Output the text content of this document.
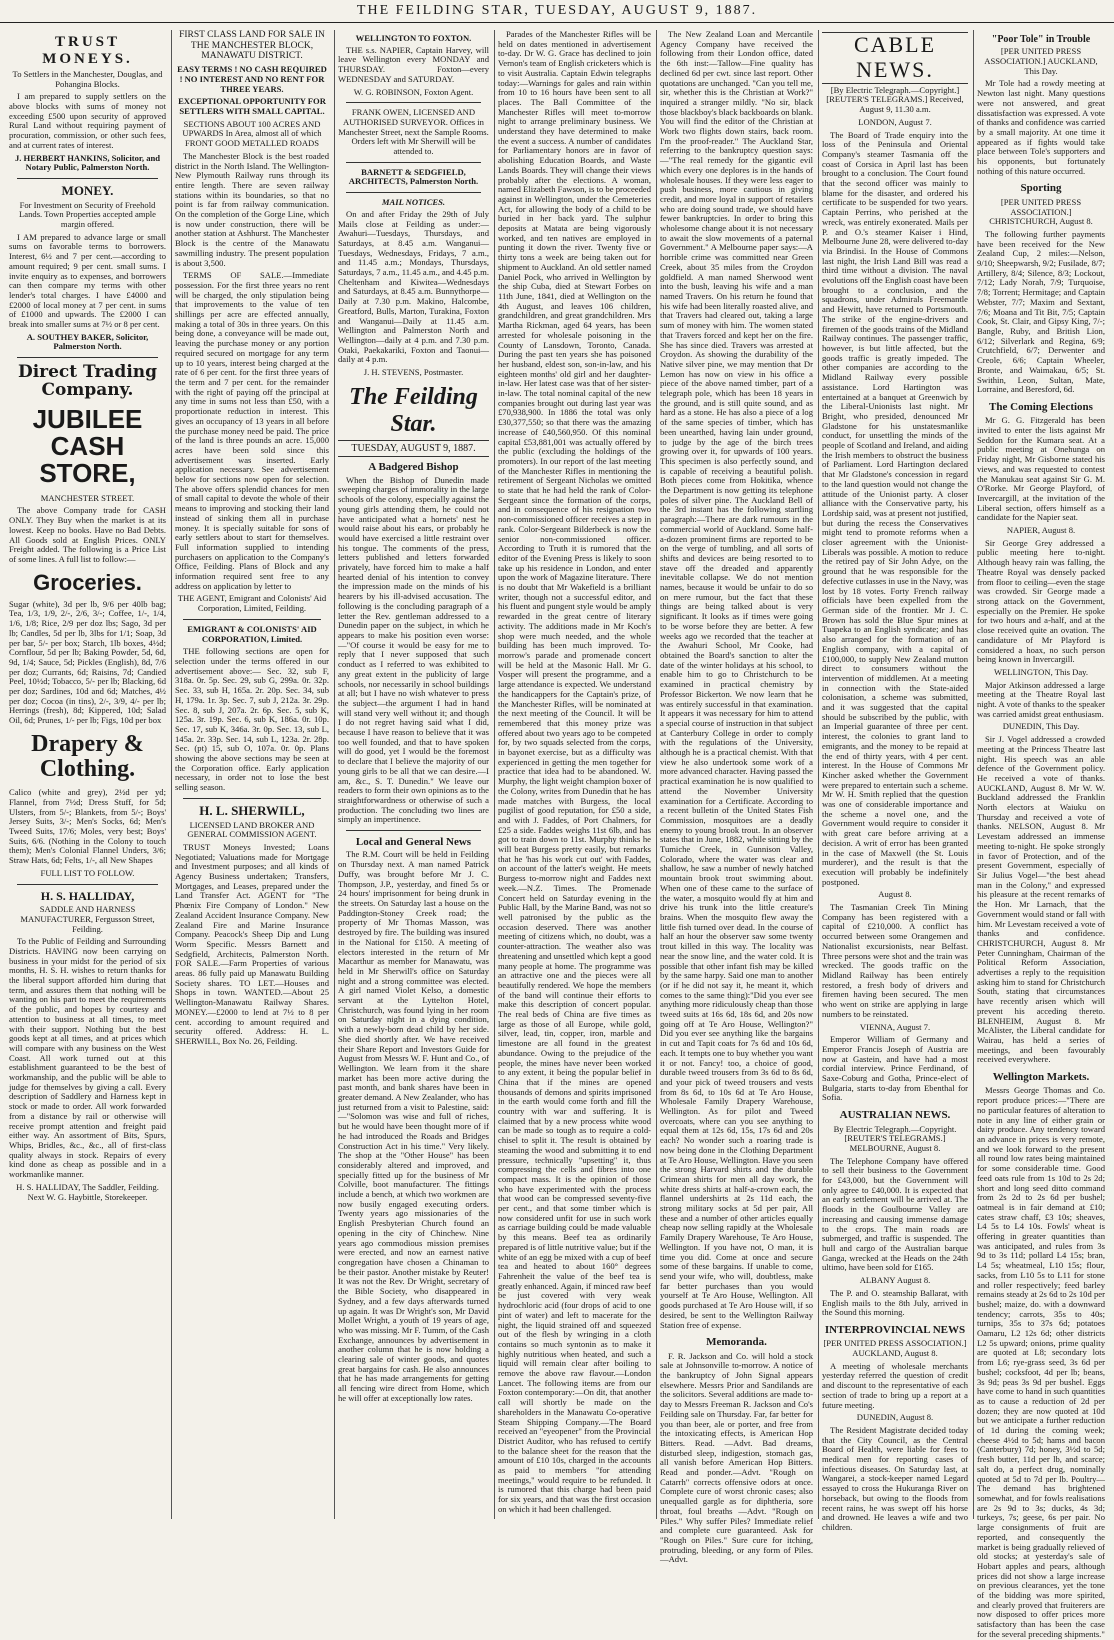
THE FEILDING STAR, TUESDAY, AUGUST 9, 1887.
TRUST MONEYS.

To Settlers in the Manchester, Douglas, and Pohangina Blocks.

I am prepared to supply settlers on the above blocks with sums of money not exceeding £500 upon security of approved Rural Land without requiring payment of procuration, commission, or other such fees, and at current rates of interest.

J. HERBERT HANKINS, Solicitor, and Notary Public, Palmerston North.

MONEY.

For Investment on Security of Freehold Lands. Town Properties accepted ample margin offered.

I AM prepared to advance large or small sums on favorable terms to borrowers. Interest, 6½ and 7 per cent.—according to amount required; 9 per cent. small sums. I invite enquiry as to expenses, and borrowers can then compare my terms with other lender's total charges. I have £4000 and £2000 of local money at 7 per cent. in sums of £1000 and upwards. The £2000 I can break into smaller sums at 7½ or 8 per cent.

A. SOUTHEY BAKER, Solicitor, Palmerston North.

Direct Trading Company.
JUBILEE CASH STORE,

MANCHESTER STREET.

The above Company trade for CASH ONLY. They Buy when the market is at its lowest. Keep no books. Have no Bad Debts. All Goods sold at English Prices. ONLY Freight added. The following is a Price List of some lines. A full list to follow:—

Groceries.

Sugar (white), 3d per lb, 9/6 per 40lb bag; Tea, 1/3, 1/9, 2/-, 2/6, 3/-; Coffee, 1/-, 1/4, 1/6, 1/8; Rice, 2/9 per doz lbs; Sago, 3d per lb; Candles, 5d per lb, 3lbs for 1/1; Soap, 3d per bar, 5/- per box; Starch, 1lb boxes, 4½d; Cornflour, 5d per lb; Baking Powder, 5d, 6d, 9d, 1/4; Sauce, 5d; Pickles (English), 8d, 7/6 per doz; Currants, 6d; Raisins, 7d; Candied Peel, 10½d; Tobacco, 5/- per lb; Blacking, 6d per doz; Sardines, 10d and 6d; Matches, 4½ per doz; Cocoa (in tins), 2/-, 3/9, 4/- per lb; Herrings (fresh), 8d; Kippered, 10d; Salad Oil, 6d; Prunes, 1/- per lb; Figs, 10d per box

Drapery & Clothing.

Calico (white and grey), 2½d per yd; Flannel, from 7½d; Dress Stuff, for 5d; Ulsters, from 5/-; Blankets, from 5/-; Boys' Jersey Suits, 3/-; Men's Socks, 6d; Men's Tweed Suits, 17/6; Moles, very best; Boys' Suits, 6/6. (Nothing in the Colony to touch them); Men's Colonial Flannel Unders, 3/6; Straw Hats, 6d; Felts, 1/-, all New Shapes

FULL LIST TO FOLLOW.

H. S. HALLIDAY,

SADDLE AND HARNESS MANUFACTURER, Fergusson Street, Feilding.

To the Public of Feilding and Surrounding Districts. HAVING now been carrying on business in your midst for the period of six months, H. S. H. wishes to return thanks for the liberal support afforded him during that term, and assures them that nothing will be wanting on his part to meet the requirements of the public, and hopes by courtesy and attention to business at all times, to meet with their support. Nothing but the best goods kept at all times, and at prices which will compare with any business on the West Coast. All work turned out at this establishment guaranteed to be the best of workmanship, and the public will be able to judge for themselves by giving a call. Every description of Saddlery and Harness kept in stock or made to order. All work forwarded from a distance by rail or otherwise will receive prompt attention and freight paid either way. An assortment of Bits, Spurs, Whips, Bridles, &c., &c., all of first-class quality always in stock. Repairs of every kind done as cheap as possible and in a workmanlike manner.

H. S. HALLIDAY, The Saddler, Feilding. Next W. G. Haybittle, Storekeeper.

FIRST CLASS LAND FOR SALE IN THE MANCHESTER BLOCK, MANAWATU DISTRICT.

EASY TERMS ! NO CASH REQUIRED ! NO INTEREST AND NO RENT FOR THREE YEARS.

EXCEPTIONAL OPPORTUNITY FOR SETTLERS WITH SMALL CAPITAL.

SECTIONS ABOUT 100 ACRES AND UPWARDS In Area, almost all of which FRONT GOOD METALLED ROADS

The Manchester Block is the best roaded district in the North Island. The Wellington-New Plymouth Railway runs through its entire length. There are seven railway stations within its boundaries, so that no point is far from railway communication. On the completion of the Gorge Line, which is now under construction, there will be another station at Ashhurst. The Manchester Block is the centre of the Manawatu sawmilling industry. The present population is about 3,500.

TERMS OF SALE.—Immediate possession. For the first three years no rent will be charged, the only stipulation being that improvements to the value of ten shillings per acre are effected annually, making a total of 30s in three years. On this being done, a conveyance will be made out, leaving the purchase money or any portion required secured on mortgage for any term up to 10 years, interest being charged at the rate of 6 per cent. for the first three years of the term and 7 per cent. for the remainder with the right of paying off the principal at any time in sums not less than £50, with a proportionate reduction in interest. This gives an occupancy of 13 years in all before the purchase money need be paid. The price of the land is three pounds an acre. 15,000 acres have been sold since this advertisement was inserted. Early application necessary. See advertisement below for sections now open for selection. The above offers splendid chances for men of small capital to devote the whole of their means to improving and stocking their land instead of sinking them all in purchase money. It is specially suitable for sons of early settlers about to start for themselves. Full information supplied to intending purchasers on application to the Company's Office, Feilding. Plans of Block and any information required sent free to any address on application by letter to

THE AGENT, Emigrant and Colonists' Aid Corporation, Limited, Feilding.

EMIGRANT & COLONISTS' AID CORPORATION, Limited.

THE following sections are open for selection under the terms offered in our advertisement above:— Sec. 32, sub F, 318a. 0r. 5p. Sec. 29, sub G, 299a. 0r. 32p. Sec. 33, sub H, 165a. 2r. 20p. Sec. 34, sub H, 179a. 1r. 3p. Sec. 7, sub J, 212a. 3r. 29p. Sec. 8, sub J, 207a. 2r. 6p. Sec. 5, sub K, 125a. 3r. 19p. Sec. 6, sub K, 186a. 0r. 10p. Sec. 17, sub K, 346a. 3r. 0p. Sec. 13, sub L, 145a. 2r. 33p. Sec. 14, sub L, 123a. 2r. 28p. Sec. (pt) 15, sub O, 107a. 0r. 0p. Plans showing the above sections may be seen at the Corporation office. Early application necessary, in order not to lose the best selling season.

H. L. SHERWILL,

LICENSED LAND BROKER AND GENERAL COMMISSION AGENT.

TRUST Moneys Invested; Loans Negotiated; Valuations made for Mortgage and Investment purposes; and all kinds of Agency Business undertaken; Transfers, Mortgages, and Leases, prepared under the Land Transfer Act. AGENT for "The Phœnix Fire Company of London." New Zealand Accident Insurance Company. New Zealand Fire and Marine Insurance Company. Peacock's Sheep Dip and Lung Worm Specific. Messrs Barnett and Sedgfield, Architects, Palmerston North. FOR SALE.—Farm Properties of various areas. 86 fully paid up Manawatu Building Society shares. TO LET.—Houses and Shops in town. WANTED.—About 25 Wellington-Manawatu Railway Shares. MONEY.—£2000 to lend at 7½ to 8 per cent. according to amount required and security offered. Address: H. L. SHERWILL, Box No. 26, Feilding.

WELLINGTON TO FOXTON.

THE s.s. NAPIER, Captain Harvey, will leave Wellington every MONDAY and THURSDAY. Foxton—every WEDNESDAY and SATURDAY.

W. G. ROBINSON, Foxton Agent.

FRANK OWEN, LICENSED AND AUTHORISED SURVEYOR. Offices in Manchester Street, next the Sample Rooms. Orders left with Mr Sherwill will be attended to.

BARNETT & SEDGFIELD, ARCHITECTS, Palmerston North.

MAIL NOTICES.

On and after Friday the 29th of July Mails close at Feilding as under:— Awahuri—Tuesdays, Thursdays, and Saturdays, at 8.45 a.m. Wanganui—Tuesdays, Wednesdays, Fridays, 7 a.m., and 11.45 a.m.; Mondays, Thursdays, Saturdays, 7 a.m., 11.45 a.m., and 4.45 p.m. Cheltenham and Kiwitea—Wednesdays and Saturdays, at 8.45 a.m. Bunnythorpe—Daily at 7.30 p.m. Makino, Halcombe, Greatford, Bulls, Marton, Turakina, Foxton and Wanganui—Daily at 11.45 a.m. Wellington and Palmerston North and Wellington—daily at 4 p.m. and 7.30 p.m. Otaki, Paekakariki, Foxton and Taonui—daily at 4 p.m.

J. H. STEVENS, Postmaster.

The Feilding Star.
TUESDAY, AUGUST 9, 1887.
A Badgered Bishop

When the Bishop of Dunedin made sweeping charges of immorality in the large schools of the colony, especially against the young girls attending them, he could not have anticipated what a hornets' nest he would raise about his ears, or probably he would have exercised a little restraint over his tongue. The comments of the press, letters published and letters forwarded privately, have forced him to make a half hearted denial of his intention to convey the impression made on the minds of his hearers by his ill-advised accusation. The following is the concluding paragraph of a letter the Rev. gentleman addressed to a Dunedin paper on the subject, in which he appears to make his position even worse:—"Of course it would be easy for me to reply that I never supposed that such conduct as I referred to was exhibited to any great extent in the publicity of large schools, nor necessarily in school buildings at all; but I have no wish whatever to press the subject—the argument I had in hand will stand very well without it; and though I do not regret having said what I did, because I have reason to believe that it was too well founded, and that to have spoken will do good, yet I would be the foremost to declare that I believe the majority of our young girls to be all that we can desire.—I am, &c., S. T. Dunedin." We leave our readers to form their own opinions as to the straightforwardness or otherwise of such a production. The concluding two lines are simply an impertinence.

Local and General News

The R.M. Court will be held in Feilding on Thursday next. A man named Patrick Duffy, was brought before Mr J. C. Thompson, J.P., yesterday, and fined 5s or 24 hours' imprisonment for being drunk in the streets. On Saturday last a house on the Paddington-Stoney Creek road; the property of Mr Thomas Masson, was destroyed by fire. The building was insured in the National for £150. A meeting of electors interested in the return of Mr Macarthur as member for Manawatu, was held in Mr Sherwill's office on Saturday night and a strong committee was elected. A girl named Violet Kelso, a domestic servant at the Lyttelton Hotel, Christchurch, was found lying in her room on Saturday night in a dying condition, with a newly-born dead child by her side. She died shortly after. We have received their Share Report and Investors Guide for August from Messrs W. F. Hunt and Co., of Wellington. We learn from it the share market has been more active during the past month, and bank shares have been in greater demand. A New Zealander, who has just returned from a visit to Palestine, said:—"Solomon was wise and full of riches, but he would have been thought more of if he had introduced the Roads and Bridges Construction Act in his time." Very likely. The shop at the "Other House" has been considerably altered and improved, and specially fitted up for the business of Mr Colville, boot manufacturer. The fittings include a bench, at which two workmen are now busily engaged executing orders. Twenty years ago missionaries of the English Presbyterian Church found an opening in the city of Chinchew. Nine years ago commodious mission premises were erected, and now an earnest native congregation have chosen a Chinaman to be their pastor. Another mistake by Reuter! It was not the Rev. Dr Wright, secretary of the Bible Society, who disappeared in Sydney, and a few days afterwards turned up again. It was Dr Wright's son, Mr David Mollet Wright, a youth of 19 years of age, who was missing. Mr F. Tumm, of the Cash Exchange, announces by advertisement in another column that he is now holding a clearing sale of winter goods, and quotes great bargains for cash. He also announces that he has made arrangements for getting all fencing wire direct from Home, which he will offer at exceptionally low rates.

Parades of the Manchester Rifles will be held on dates mentioned in advertisement to-day. Dr W. G. Grace has declined to join Vernon's team of English cricketers which is to visit Australia. Captain Edwin telegraphs today:—Warnings for gales and rain within from 10 to 16 hours have been sent to all places. The Ball Committee of the Manchester Rifles will meet to-morrow night to arrange preliminary business. We understand they have determined to make the event a success. A number of candidates for Parliamentary honors are in favor of abolishing Education Boards, and Waste Lands Boards. They will change their views probably after the elections. A woman, named Elizabeth Fawson, is to be proceeded against in Wellington, under the Cemeteries Act, for allowing the body of a child to be buried in her back yard. The sulphur deposits at Matata are being vigorously worked, and ten natives are employed in punting it down the river. Twenty five or thirty tons a week are being taken out for shipment to Auckland. An old settler named Daniel Pock, who arrived in Wellington by the ship Cuba, died at Stewart Forbes on 11th June, 1841, died at Wellington on the 4th August, and leaves 106 children, grandchildren, and great grandchildren. Mrs Martha Rickman, aged 64 years, has been arrested for wholesale poisoning in the County of Lansdown, Toronto, Canada. During the past ten years she has poisoned her husband, eldest son, son-in-law, and his eighteen months' old girl and her daughter-in-law. Her latest case was that of her sister-in-law. The total nominal capital of the new companies brought out during last year was £70,938,900. In 1886 the total was only £30,377,550; so that there was the amazing increase of £40,560,950. Of this nominal capital £53,881,001 was actually offered by the public (excluding the holdings of the promoters). In our report of the last meeting of the Manchester Rifles in mentioning the retirement of Sergeant Nicholas we omitted to state that he had held the rank of Color-Sergeant since the formation of the corps, and in consequence of his resignation two non-commissioned officer receives a step in rank. Color-Sergeant Bilderbeck is now the senior non-commissioned officer. According to Truth it is rumored that the editor of the Evening Press is likely to soon take up his residence in London, and enter upon the work of Magazine literature. There is no doubt that Mr Wakefield is a brilliant writer, though not a successful editor, and his fluent and pungent style would be amply rewarded in the great centre of literary activity. The additions made in Mr Koch's shop were much needed, and the whole building has been much improved. To-morrow's parade and promenade concert will be held at the Masonic Hall. Mr G. Vosper will present the programme, and a large attendance is expected. We understand the handicappers for the Captain's prize, of the Manchester Rifles, will be nominated at the next meeting of the Council. It will be remembered that this money prize was offered about two years ago to be competed for, by two squads selected from the corps, in bayonet exercise, but as a difficulty was experienced in getting the men together for practice that idea had to be abandoned. W. Murphy, the light weight champion boxer of the Colony, writes from Dunedin that he has made matches with Burgess, the local pugilist of good reputation, for £50 a side, and with J. Faddes, of Port Chalmers, for £25 a side. Faddes weighs 11st 6lb, and has got to train down to 11st. Murphy thinks he will beat Burgess pretty easily, but remarks that he 'has his work cut out' with Faddes, on account of the latter's weight. He meets Burgess to-morrow night and Faddes next week.—N.Z. Times. The Promenade Concert held on Saturday evening in the Public Hall, by the Marine Band, was not so well patronised by the public as the occasion deserved. There was another meeting of citizens which, no doubt, was a counter-attraction. The weather also was threatening and unsettled which kept a good many people at home. The programme was an attractive one and the pieces were all beautifully rendered. We hope the members of the band will continue their efforts to make this description of concert popular. The real beds of China are five times as large as those of all Europe, while gold, silver, lead, tin, copper, iron, marble and limestone are all found in the greatest abundance. Owing to the prejudice of the people, the mines have never been worked to any extent, it being the popular belief in China that if the mines are opened thousands of demons and spirits imprisoned in the earth would come forth and fill the country with war and suffering. It is claimed that by a new process white wood can be made so tough as to require a cold-chisel to split it. The result is obtained by steaming the wood and submitting it to end pressure, technically "upsetting" it, thus compressing the cells and fibres into one compact mass. It is the opinion of those who have experimented with the process that wood can be compressed seventy-five per cent., and that some timber which is now considered unfit for use in such work as carriage building could be made valuable by this means. Beef tea as ordinarily prepared is of little nutritive value; but if the white of an egg be mixed with a cup of beef tea and heated to about 160° degrees Fahrenheit the value of the beef tea is greatly enhanced. Again, if minced raw beef be just covered with very weak hydrochloric acid (four drops of acid to one pint of water) and left to macerate for the night, the liquid strained off and squeezed out of the flesh by wringing in a cloth contains so much syntonin as to make it highly nutritious when heated, and such a liquid will remain clear after boiling to remove the above raw flavour.—London Lancet. The following items are from our Foxton contemporary:—On dit, that another call will shortly be made on the shareholders in the Manawatu Co-operative Steam Shipping Company.—The Board received an "eyeopener" from the Provincial District Auditor, who has refused to certify to the balance sheet for the reason that the amount of £10 10s, charged in the accounts as paid to members "for attending meetings," would require to be refunded. It is rumored that this charge had been paid for six years, and that was the first occasion on which it had been challenged.

The New Zealand Loan and Mercantile Agency Company have received the following from their London office, dated the 6th inst:—Tallow—Fine quality has declined 6d per cwt. since last report. Other quotations are unchanged. "Can you tell me, sir, whether this is the Christian at Work?" inquired a stranger mildly. "No sir, black those blackboy's black backboards on blank. You will find the editor of the Christian at Work two flights down stairs, back room. I'm the proof-reader." The Auckland Star, referring to the bankruptcy question says:—"The real remedy for the gigantic evil which every one deplores is in the hands of wholesale houses. If they were less eager to push business, more cautious in giving credit, and more loyal in support of retailers who are doing sound trade, we should have fewer bankruptcies. In order to bring this wholesome change about it is not necessary to await the slow movements of a paternal Government." A Melbourne paper says:—A horrible crime was committed near Green Creek, about 35 miles from the Croydon goldfield. A man named Sherwood went into the bush, leaving his wife and a man named Travers. On his return he found that his wife had been literally roasted alive, and that Travers had cleared out, taking a large sum of money with him. The women stated that Travers forced and kept her on the fire. She has since died. Travers was arrested at Croydon. As showing the durability of the Native silver pine, we may mention that Dr Lemon has now on view in his office a piece of the above named timber, part of a telegraph pole, which has been 18 years in the ground, and is still quite sound, and as hard as a stone. He has also a piece of a log of the same species of timber, which has been unearthed, having lain under ground, to judge by the age of the birch trees growing over it, for upwards of 100 years. This specimen is also perfectly sound, and is capable of receiving a beautiful polish. Both pieces come from Hokitika, whence the Department is now getting its telephone poles of silver pine. The Auckland Bell of the 3rd instant has the following startling paragraph:—There are dark rumours in the commercial world of Auckland. Some half-a-dozen prominent firms are reported to be on the verge of tumbling, and all sorts of shifts and devices are being resorted to to stave off the dreaded and apparently inevitable collapse. We do not mention names, because it would be unfair to do so on mere rumour, but the fact that these things are being talked about is very significant. It looks as if times were going to be worse before they are better. A few weeks ago we recorded that the teacher at the Awahuri School, Mr Cooke, had obtained the Board's sanction to alter the date of the winter holidays at his school, to enable him to go to Christchurch to be examined in practical chemistry by Professor Bickerton. We now learn that he was entirely successful in that examination. It appears it was necessary for him to attend a special course of instruction in that subject at Canterbury College in order to comply with the regulations of the University, although he is a practical chemist. With that view he also undertook some work of a more advanced character. Having passed the practical examination he is now qualified to attend the November University examination for a Certificate. According to a recent bulletin of the United States Fish Commission, mosquitoes are a deadly enemy to young brook trout. In an observer states that in June, 1882, while sitting by the Tumiche Creek, in Gunnison Valley, Colorado, where the water was clear and shallow, he saw a number of newly hatched mountain brook trout swimming about. When one of these came to the surface of the water, a mosquito would fly at him and drive his trunk into the little creature's brains. When the mosquito flew away the little fish turned over dead. In the course of half an hour the observer saw some twenty trout killed in this way. The locality was near the snow line, and the water cold. It is possible that other infant fish may be killed by the same harpy. Said one man to another (or if he did not say it, he meant it, which comes to the same thing):"Did you ever see anything more ridiculously cheap than those tweed suits at 16s 6d, 18s 6d, and 20s now going off at Te Aro House, Wellington?" Did you ever see anything like the bargains in cut and Tapit coats for 7s 6d and 10s 6d, each. It tempts one to buy whether you want it or not. Fancy! too, a choice of good, durable tweed trousers from 3s 6d to 8s 6d, and your pick of tweed trousers and vests from 8s 6d, to 10s 6d at Te Aro House, Wholesale Family Drapery Warehouse, Wellington. As for pilot and Tweed overcoats, where can you see anything to equal them at 12s 6d, 15s, 17s 6d and 20s each? No wonder such a roaring trade is now being done in the Clothing Department at Te Aro House, Wellington. Have you seen the strong Harvard shirts and the durable Crimean shirts for men all day work, the white dress shirts at half-a-crown each, the flannel undershirts at 2s 11d each, the strong military socks at 5d per pair, All these and a number of other articles equally cheap now selling rapidly at the Wholesale Family Drapery Warehouse, Te Aro House, Wellington. If you have not, O man, it is time you did. Come at once and secure some of these bargains. If unable to come, send your wife, who will, doubtless, make far better purchases than you would yourself at Te Aro House, Wellington. All goods purchased at Te Aro House will, if so desired, be sent to the Wellington Railway Station free of expense.

Memoranda.

F. R. Jackson and Co. will hold a stock sale at Johnsonville to-morrow. A notice of the bankruptcy of John Signal appears elsewhere. Messrs Prior and Sandilands are the solicitors. Several additions are made to-day to Messrs Freeman R. Jackson and Co's Feilding sale on Thursday. Far, far better for you than beer, ale or porter, and free from the intoxicating effects, is American Hop Bitters. Read. —Advt. Bad dreams, disturbed sleep, indigestion, stomach gas, all vanish before American Hop Bitters. Read and ponder.—Advt. "Rough on Catarrh" corrects offensive odors at once. Complete cure of worst chronic cases; also unequalled gargle as for diphtheria, sore throat, foul breaths —Advt. "Rough on Piles." Why suffer Piles? Immediate relief and complete cure guaranteed. Ask for "Rough on Piles." Sure cure for itching, protruding, bleeding, or any form of Piles.—Advt.

CABLE NEWS.

[By Electric Telegraph.—Copyright.] [REUTER'S TELEGRAMS.] Received, August 9, 11.30 a.m.

LONDON, August 7.

The Board of Trade enquiry into the loss of the Peninsula and Oriental Company's steamer Tasmania off the coast of Corsica in April last has been brought to a conclusion. The Court found that the second officer was mainly to blame for the disaster, and ordered his certificate to be suspended for two years. Captain Perrins, who perished at the wreck, was entirely exonerated. Mails per P. and O.'s steamer Kaiser i Hind, Melbourne June 28, were delivered to-day via Brindisi. In the House of Commons last night, the Irish Land Bill was read a third time without a division. The naval evolutions off the English coast have been brought to a conclusion, and the squadrons, under Admirals Freemantle and Hewitt, have returned to Portsmouth. The strike of the engine-drivers and firemen of the goods trains of the Midland Railway continues. The passenger traffic, however, is but little affected, but the goods traffic is greatly impeded. The other companies are according to the Midland Railway every possible assistance. Lord Hartington was entertained at a banquet at Greenwich by the Liberal-Unionists last night. Mr Bright, who presided, denounced Mr Gladstone for his unstatesmanlike conduct, for unsettling the minds of the people of Scotland and Ireland, and aiding the Irish members to obstruct the business of Parliament. Lord Hartington declared that Mr Gladstone's concession in regard to the land question would not change the attitude of the Unionist party. A closer alliance with the Conservative party, his Lordship said, was at present not justified, but during the recess the Conservatives might tend to promote reforms when a closer agreement with the Unionist-Liberals was possible. A motion to reduce the retired pay of Sir John Adye, on the ground that he was responsible for the defective cutlasses in use in the Navy, was lost by 18 votes. Forty French railway officials have been expelled from the German side of the frontier. Mr J. C. Brown has sold the Blue Spur mines at Tuapeka to an English syndicate; and has also arranged for the formation of an English company, with a capital of £100,000, to supply New Zealand mutton direct to consumers without the intervention of middlemen. At a meeting in connection with the State-aided colonisation, a scheme was submitted, and it was suggested that the capital should be subscribed by the public, with an Imperial guarantee of three per cent. interest, the colonies to grant land to emigrants, and the money to be repaid at the end of thirty years, with 4 per cent. interest. In the House of Commons Mr Kincher asked whether the Government were prepared to entertain such a scheme. Mr W. H. Smith replied that the question was one of considerable importance and the scheme a novel one, and the Government would require to consider it with great care before arriving at a decision. A writ of error has been granted in the case of Maxwell (the St. Louis murderer), and the result is that the execution will probably be indefinitely postponed.

August 8.

The Tasmanian Creek Tin Mining Company has been registered with a capital of £210,000. A conflict has occurred between some Orangemen and Nationalist excursionists, near Belfast. Three persons were shot and the train was wrecked. The goods traffic on the Midland Railway has been entirely restored, a fresh body of drivers and firemen having been secured. The men who went on strike are applying in large numbers to be reinstated.

VIENNA, August 7.

Emperor William of Germany and Emperor Francis Joseph of Austria are now at Gastein, and have had a most cordial interview. Prince Ferdinand, of Saxe-Coburg and Gotha, Prince-elect of Bulgaria, starts to-day from Ebenthal for Sofia.

AUSTRALIAN NEWS.

By Electric Telegraph.—Copyright. [REUTER'S TELEGRAMS.] MELBOURNE, August 8.

The Telephone Company have offered to sell their business to the Government for £43,000, but the Government will only agree to £40,000. It is expected that an early settlement will be arrived at. The floods in the Goulbourne Valley are increasing and causing immense damage to the crops. The main roads are submerged, and traffic is suspended. The hull and cargo of the Australian barque Ganga, wrecked at the Heads on the 24th ultimo, have been sold for £165.

ALBANY August 8.

The P. and O. steamship Ballarat, with English mails to the 8th July, arrived in the Sound this morning.

INTERPROVINCIAL NEWS

[PER UNITED PRESS ASSOCIATION.] AUCKLAND, August 8.

A meeting of wholesale merchants yesterday referred the question of credit and discount to the representative of each section of trade to bring up a report at a future meeting.

DUNEDIN, August 8.

The Resident Magistrate decided today that the City Council, as the Central Board of Health, were liable for fees to medical men for reporting cases of infectious diseases. On Saturday last, at Wangarei, a stock-keeper named Legard essayed to cross the Hukuranga River on horseback, but owing to the floods from recent rains, he was swept off his horse and drowned. He leaves a wife and two children.

"Poor Tole" in Trouble

[PER UNITED PRESS ASSOCIATION.] AUCKLAND, This Day.

Mr Tole had a rowdy meeting at Newton last night. Many questions were not answered, and great dissatisfaction was expressed. A vote of thanks and confidence was carried by a small majority. At one time it appeared as if fights would take place between Tole's supporters and his opponents, but fortunately nothing of this nature occurred.

Sporting

[PER UNITED PRESS ASSOCIATION.] CHRISTCHURCH, August 8.

The following further payments have been received for the New Zealand Cup, 2 miles:—Nelson, 9/10; Sheepwarsh, 9/2; Fusilade, 8/7; Artillery, 8/4; Silence, 8/3; Lockout, 7/12; Lady Norah, 7/9; Turquoise, 7/8; Torrent; Hermitage; and Captain Webster, 7/7; Maxim and Sextant, 7/6; Moana and Tit Bit, 7/5; Captain Cook, St. Clair, and Gipsy King, 7/-; Bangle, Ruby, and British Lion, 6/12; Silverlark and Regina, 6/9; Crutchfield, 6/7; Derwenter and Creole, 6/6; Captain Wheeler, Bronte, and Waimakau, 6/5; St. Swithin, Leon, Sultan, Mate, Lorraine, and Beresford, 6d.

The Coming Elections

Mr G. G. Fitzgerald has been invited to enter the lists against Mr Seddon for the Kumara seat. At a public meeting at Onehunga on Friday night, Mr Gisborne stated his views, and was requested to contest the Manukau seat against Sir G. M. O'Rorke. Mr George Playford, of Invercargill, at the invitation of the Liberal section, offers himself as a candidate for the Napier seat.

NAPIER, August 8.

Sir George Grey addressed a public meeting here to-night. Although heavy rain was falling, the Theatre Royal was densely packed from floor to ceiling—even the stage was crowded. Sir George made a strong attack on the Government, especially on the Premier. He spoke for two hours and a-half, and at the close received quite an ovation. The candidature of Mr Playford is considered a hoax, no such person being known in Invercargill.

WELLINGTON, This Day.

Major Atkinson addressed a large meeting at the Theatre Royal last night. A vote of thanks to the speaker was carried amidst great enthusiasm.

DUNEDIN, This Day.

Sir J. Vogel addressed a crowded meeting at the Princess Theatre last night. His speech was an able defence of the Government policy. He received a vote of thanks. AUCKLAND, August 8. Mr W. W. Buckland addressed the Franklin North electors at Waiuku on Thursday and received a vote of thanks. NELSON, August 8. Mr Levestam addressed an immense meeting to-night. He spoke strongly in favor of Protection, and of the present Government, especially of Sir Julius Vogel—"the best ahead man in the Colony," and expressed his pleasure at the recent remarks of the Hon. Mr Larnach, that the Government would stand or fall with him. Mr Levestam received a vote of thanks and confidence. CHRISTCHURCH, August 8. Mr Peter Cunningham, Chairman of the Political Reform Association, advertises a reply to the requisition asking him to stand for Christchurch South, stating that circumstances have recently arisen which will prevent his acceding thereto. BLENHEIM, August 8. Mr McAlister, the Liberal candidate for Wairau, has held a series of meetings, and been favourably received everywhere.

Wellington Markets.

Messrs George Thomas and Co. report produce prices:—"There are no particular features of alteration to note in any line of either grain or dairy produce. Any tendency toward an advance in prices is very remote, and we look forward to the present all round low rates being maintained for some considerable time. Good feed oats rule from 1s 10d to 2s 2d; short and long seed ditto command from 2s 2d to 2s 6d per bushel; oatmeal is in fair demand at £10; cates straw chaff, £3 10s; sheaves, L4 5s to L4 10s. Fowls' wheat is offering in greater quantities than was anticipated, and rules from 3s 9d to 3s 11d; pollard L4 15s; bran, L4 5s; wheatmeal, L10 15s; flour, sacks, from L10 5s to L11 for stone and roller respectively; feed barley remains steady at 2s 6d to 2s 10d per bushel; maize, do. with a downward tendency; carrots, 35s to 40s; turnips, 35s to 37s 6d; potatoes Oamaru, L2 12s 6d; other districts L2 5s upward; onions, prime quality are quoted at L8; secondary lots from L6; rye-grass seed, 3s 6d per bushel; cocksfoot, 4d per lb; beans, 3s 9d; peas 3s 9d per bushel. Eggs have come to hand in such quantities as to cause a reduction of 2d per dozen; they are now quoted at 10d but we anticipate a further reduction of 1d during the coming week; cheese 4½d to 5d; hams and bacon (Canterbury) 7d; honey, 3½d to 5d; fresh butter, 11d per lb, and scarce; salt do, a perfect drug, nominally quoted at 5d to 7d per lb. Poultry—The demand has brightened somewhat, and for fowls realisations are 2s 9d to 3s; ducks, 4s 3d; turkeys, 7s; geese, 6s per pair. No large consignments of fruit are reported, and consequently the market is being gradually relieved of old stocks; at yesterday's sale of Hobart apples and pears, although prices did not show a large increase on previous clearances, yet the tone of the bidding was more spirited, and clearly proved that fruiterers are now disposed to offer prices more satisfactory than has been the case for the several preceding shipments."
